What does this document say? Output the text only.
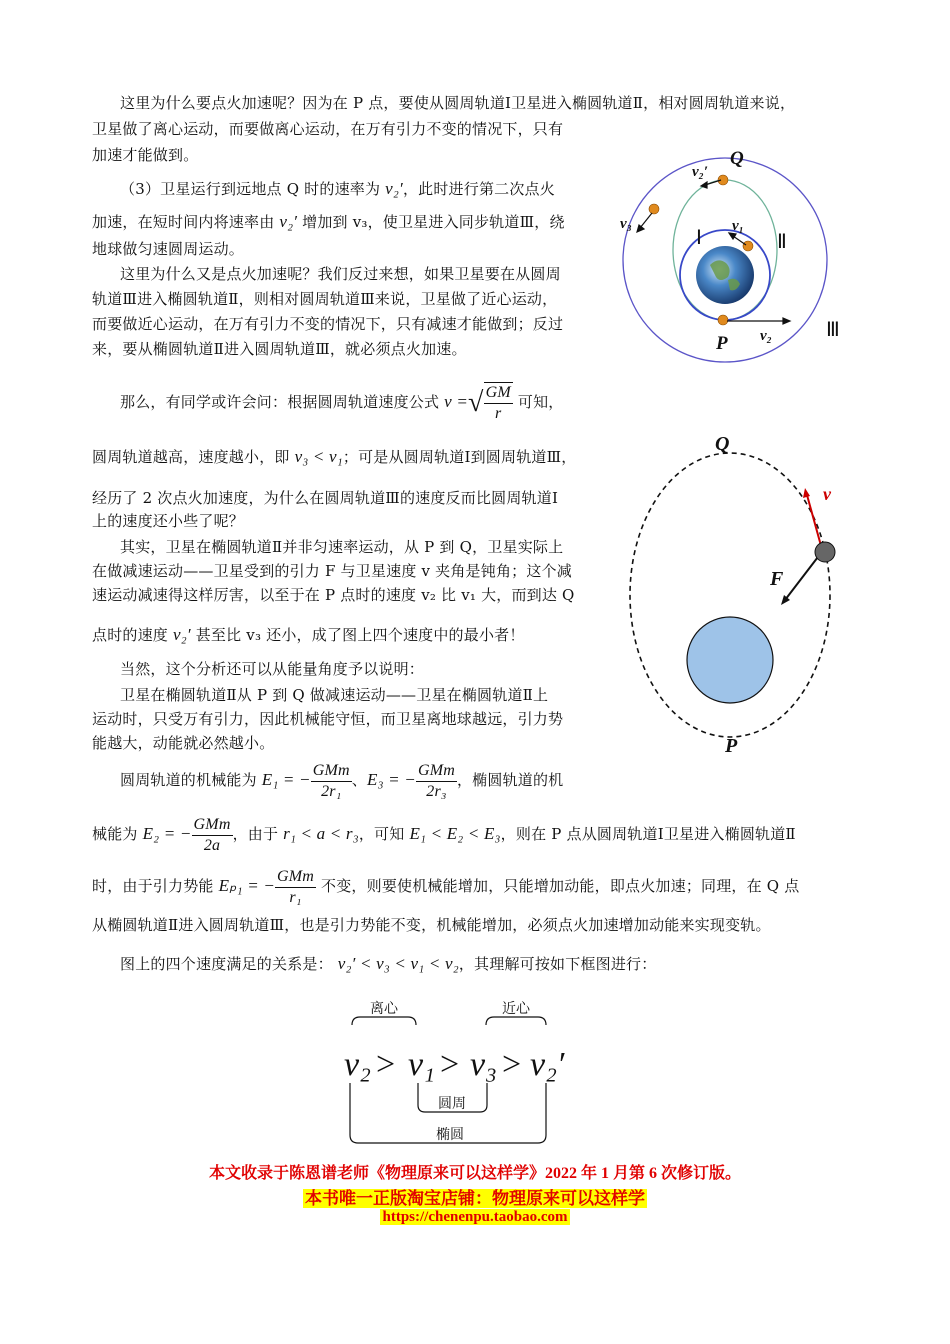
这里为什么要点火加速呢？因为在 P 点，要使从圆周轨道Ⅰ卫星进入椭圆轨道Ⅱ，相对圆周轨道来说，
卫星做了离心运动，而要做离心运动，在万有引力不变的情况下，只有
加速才能做到。
（3）卫星运行到远地点 Q 时的速率为 v₂′，此时进行第二次点火
加速，在短时间内将速率由 v₂′ 增加到 v₃，使卫星进入同步轨道Ⅲ，绕
地球做匀速圆周运动。
这里为什么又是点火加速呢？我们反过来想，如果卫星要在从圆周
轨道Ⅲ进入椭圆轨道Ⅱ，则相对圆周轨道Ⅲ来说，卫星做了近心运动，
而要做近心运动，在万有引力不变的情况下，只有减速才能做到；反过
来，要从椭圆轨道Ⅱ进入圆周轨道Ⅲ，就必须点火加速。
那么，有同学或许会问：根据圆周轨道速度公式 v =√ $\frac{GM}{r}$ 可知，
圆周轨道越高，速度越小，即 v₃ < v₁；可是从圆周轨道Ⅰ到圆周轨道Ⅲ，
经历了 2 次点火加速度，为什么在圆周轨道Ⅲ的速度反而比圆周轨道Ⅰ
上的速度还小些了呢？
其实，卫星在椭圆轨道Ⅱ并非匀速率运动，从 P 到 Q，卫星实际上
在做减速运动——卫星受到的引力 F 与卫星速度 v 夹角是钝角；这个减
速运动减速得这样厉害，以至于在 P 点时的速度 v₂ 比 v₁ 大，而到达 Q
点时的速度 v₂′ 甚至比 v₃ 还小，成了图上四个速度中的最小者！
当然，这个分析还可以从能量角度予以说明：
卫星在椭圆轨道Ⅱ从 P 到 Q 做减速运动——卫星在椭圆轨道Ⅱ上
运动时，只受万有引力，因此机械能守恒，而卫星离地球越远，引力势
能越大，动能就必然越小。
圆周轨道的机械能为 E₁ = − $\frac{\text{GMm}}{\text{2r₁}}$ 、E₃ = − $\frac{\text{GMm}}{\text{2r₃}}$ ，椭圆轨道的机
械能为 E₂ = − $\frac{\text{GMm}}{2a}$ ，由于 r₁ < a < r₃，可知 E₁ < E₂ < E₃，则在 P 点从圆周轨道Ⅰ卫星进入椭圆轨道Ⅱ
时，由于引力势能 Eₚ₁ = − $\frac{\text{GMm}}{\text{r₁}}$ 不变，则要使机械能增加，只能增加动能，即点火加速；同理，在 Q 点
从椭圆轨道Ⅱ进入圆周轨道Ⅲ，也是引力势能不变，机械能增加，必须点火加速增加动能来实现变轨。
图上的四个速度满足的关系是： v₂′ < v₃ < v₁ < v₂，其理解可按如下框图进行：
v₂′
Q
v₃	v₁
P v₂
Ⅰ	Ⅱ
Ⅲ
Q
v
F
P
离心	近心
圆周
椭圆
v₂ > v₁ > v₃ > v₂′
本文收录于陈恩谱老师《物理原来可以这样学》2022 年 1 月第 6 次修订版。
本书唯一正版淘宝店铺：物理原来可以这样学
https://chenenpu.taobao.com
